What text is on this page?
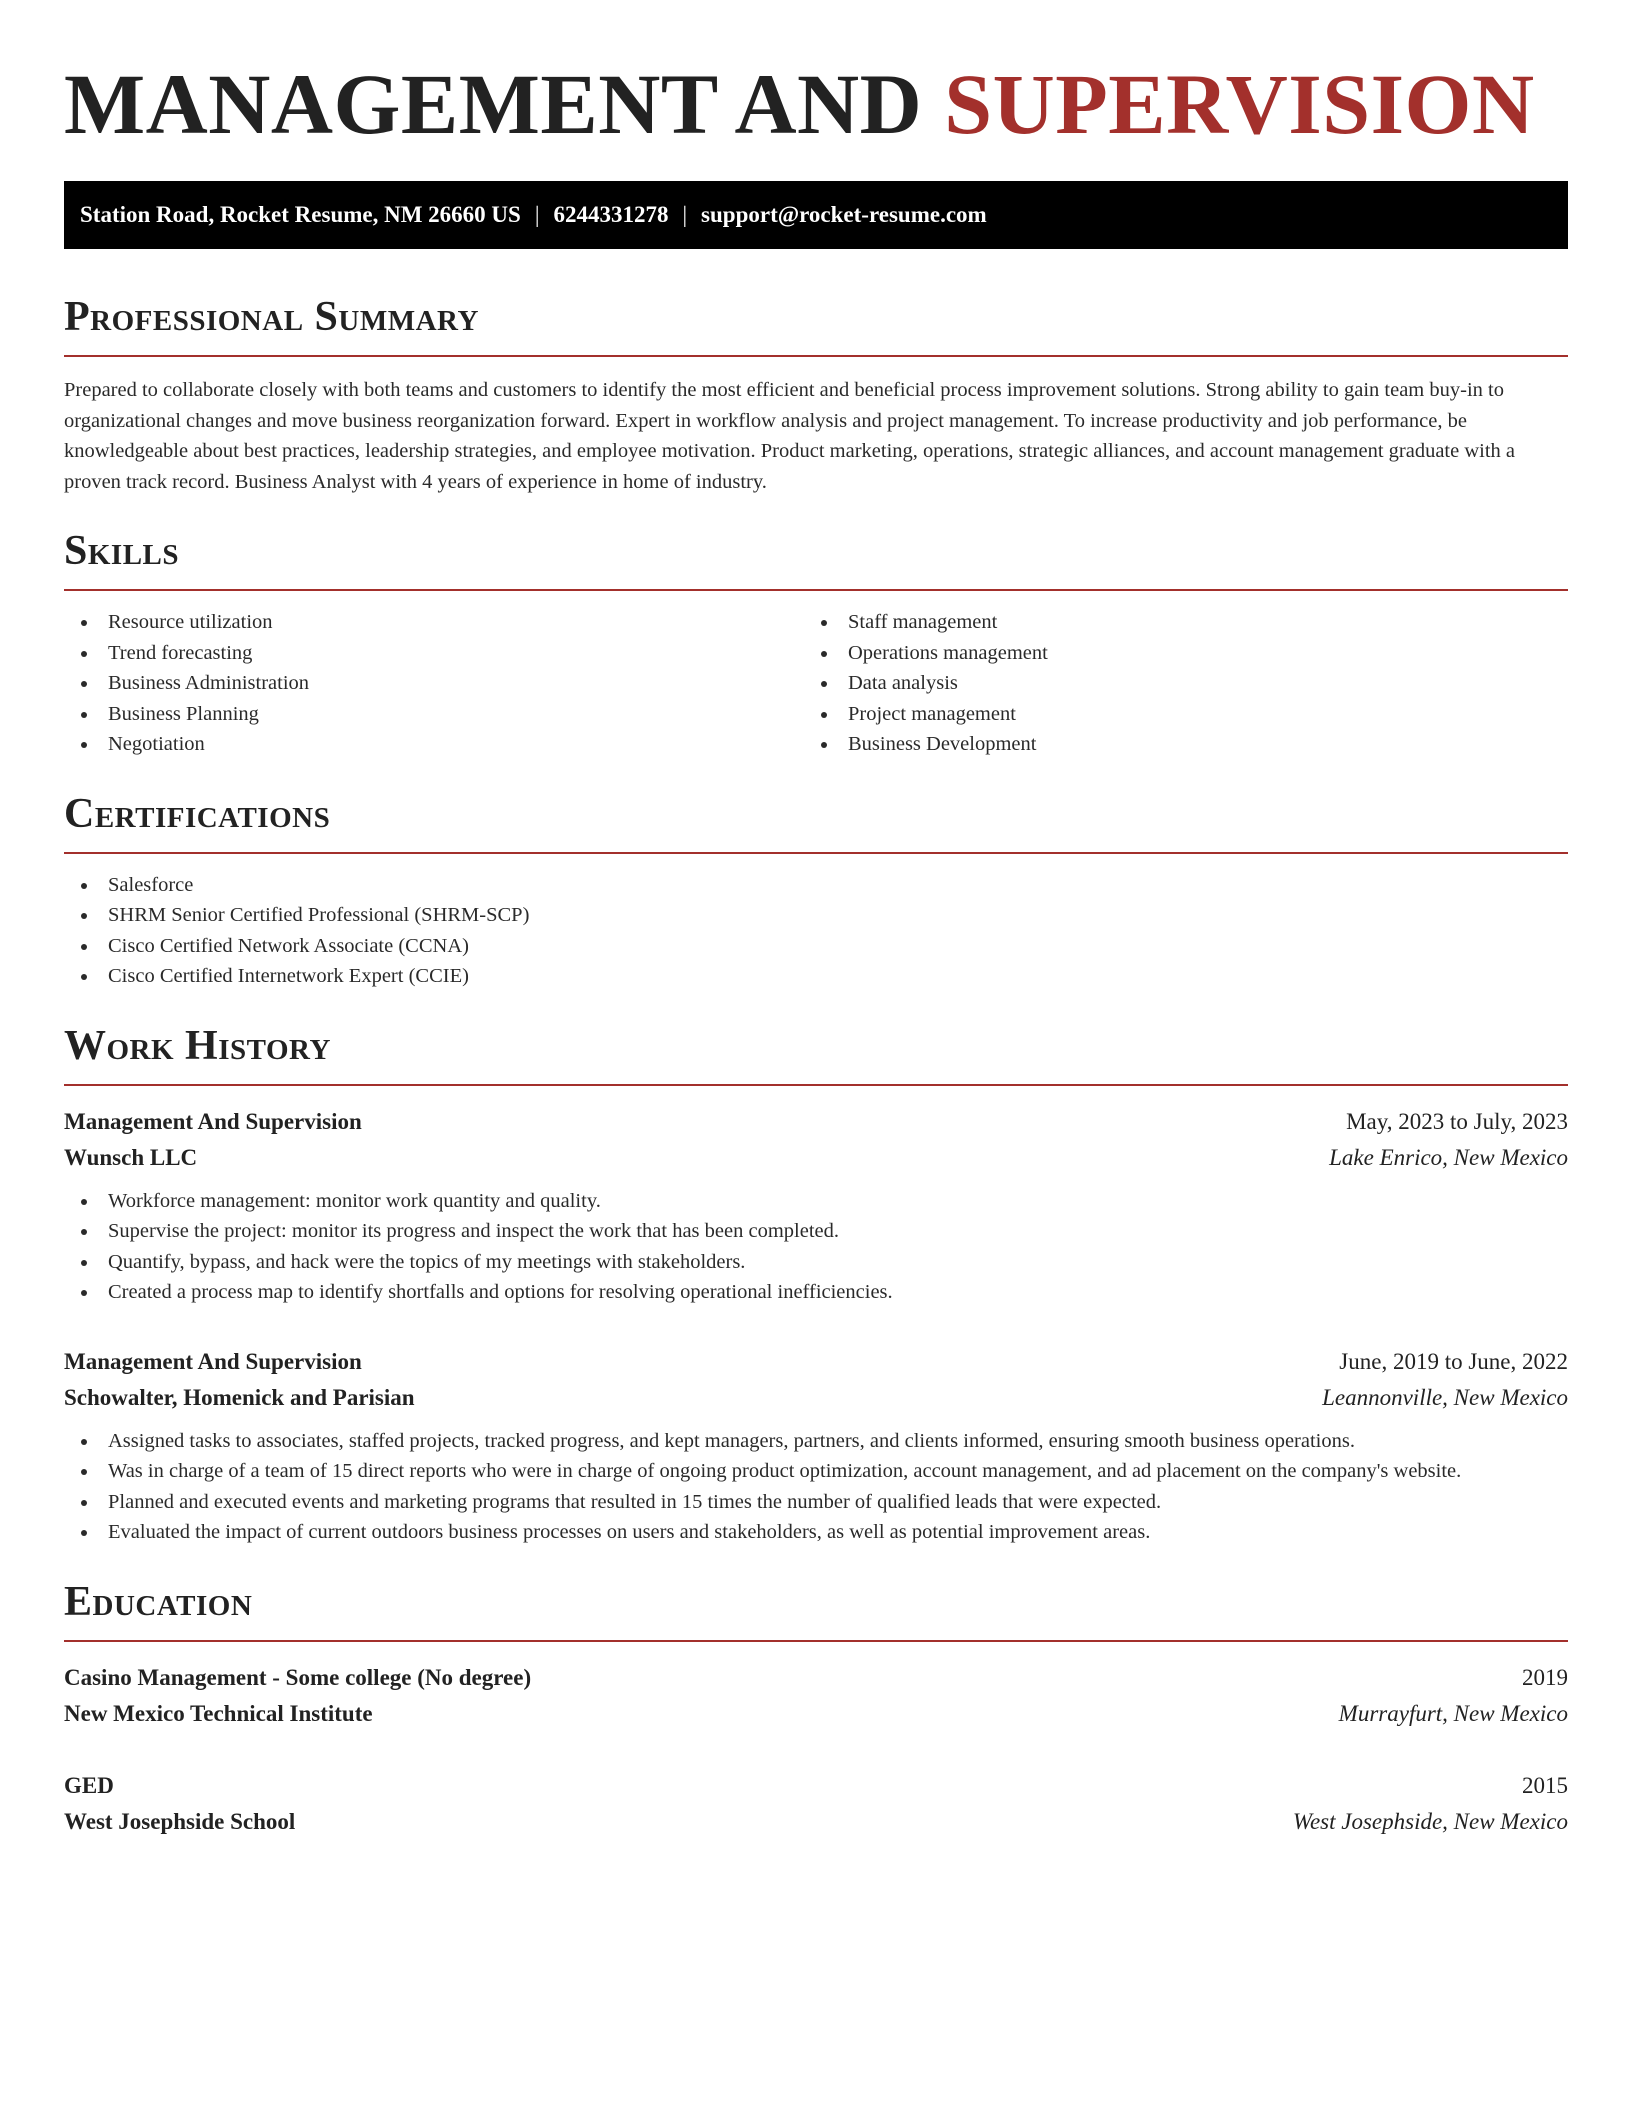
MANAGEMENT AND SUPERVISION
Station Road, Rocket Resume, NM 26660 US | 6244331278 | support@rocket-resume.com
Professional Summary

Prepared to collaborate closely with both teams and customers to identify the most efficient and beneficial process improvement solutions. Strong ability to gain team buy-in to organizational changes and move business reorganization forward. Expert in workflow analysis and project management. To increase productivity and job performance, be knowledgeable about best practices, leadership strategies, and employee motivation. Product marketing, operations, strategic alliances, and account management graduate with a proven track record. Business Analyst with 4 years of experience in home of industry.

Skills
Resource utilization
Trend forecasting
Business Administration
Business Planning
Negotiation
Staff management
Operations management
Data analysis
Project management
Business Development
Certifications
Salesforce
SHRM Senior Certified Professional (SHRM-SCP)
Cisco Certified Network Associate (CCNA)
Cisco Certified Internetwork Expert (CCIE)
Work History
Management And Supervision	May, 2023 to July, 2023
Wunsch LLC	Lake Enrico, New Mexico
Workforce management: monitor work quantity and quality.
Supervise the project: monitor its progress and inspect the work that has been completed.
Quantify, bypass, and hack were the topics of my meetings with stakeholders.
Created a process map to identify shortfalls and options for resolving operational inefficiencies.
Management And Supervision	June, 2019 to June, 2022
Schowalter, Homenick and Parisian	Leannonville, New Mexico
Assigned tasks to associates, staffed projects, tracked progress, and kept managers, partners, and clients informed, ensuring smooth business operations.
Was in charge of a team of 15 direct reports who were in charge of ongoing product optimization, account management, and ad placement on the company's website.
Planned and executed events and marketing programs that resulted in 15 times the number of qualified leads that were expected.
Evaluated the impact of current outdoors business processes on users and stakeholders, as well as potential improvement areas.
Education
Casino Management - Some college (No degree)	2019
New Mexico Technical Institute	Murrayfurt, New Mexico
GED	2015
West Josephside School	West Josephside, New Mexico
